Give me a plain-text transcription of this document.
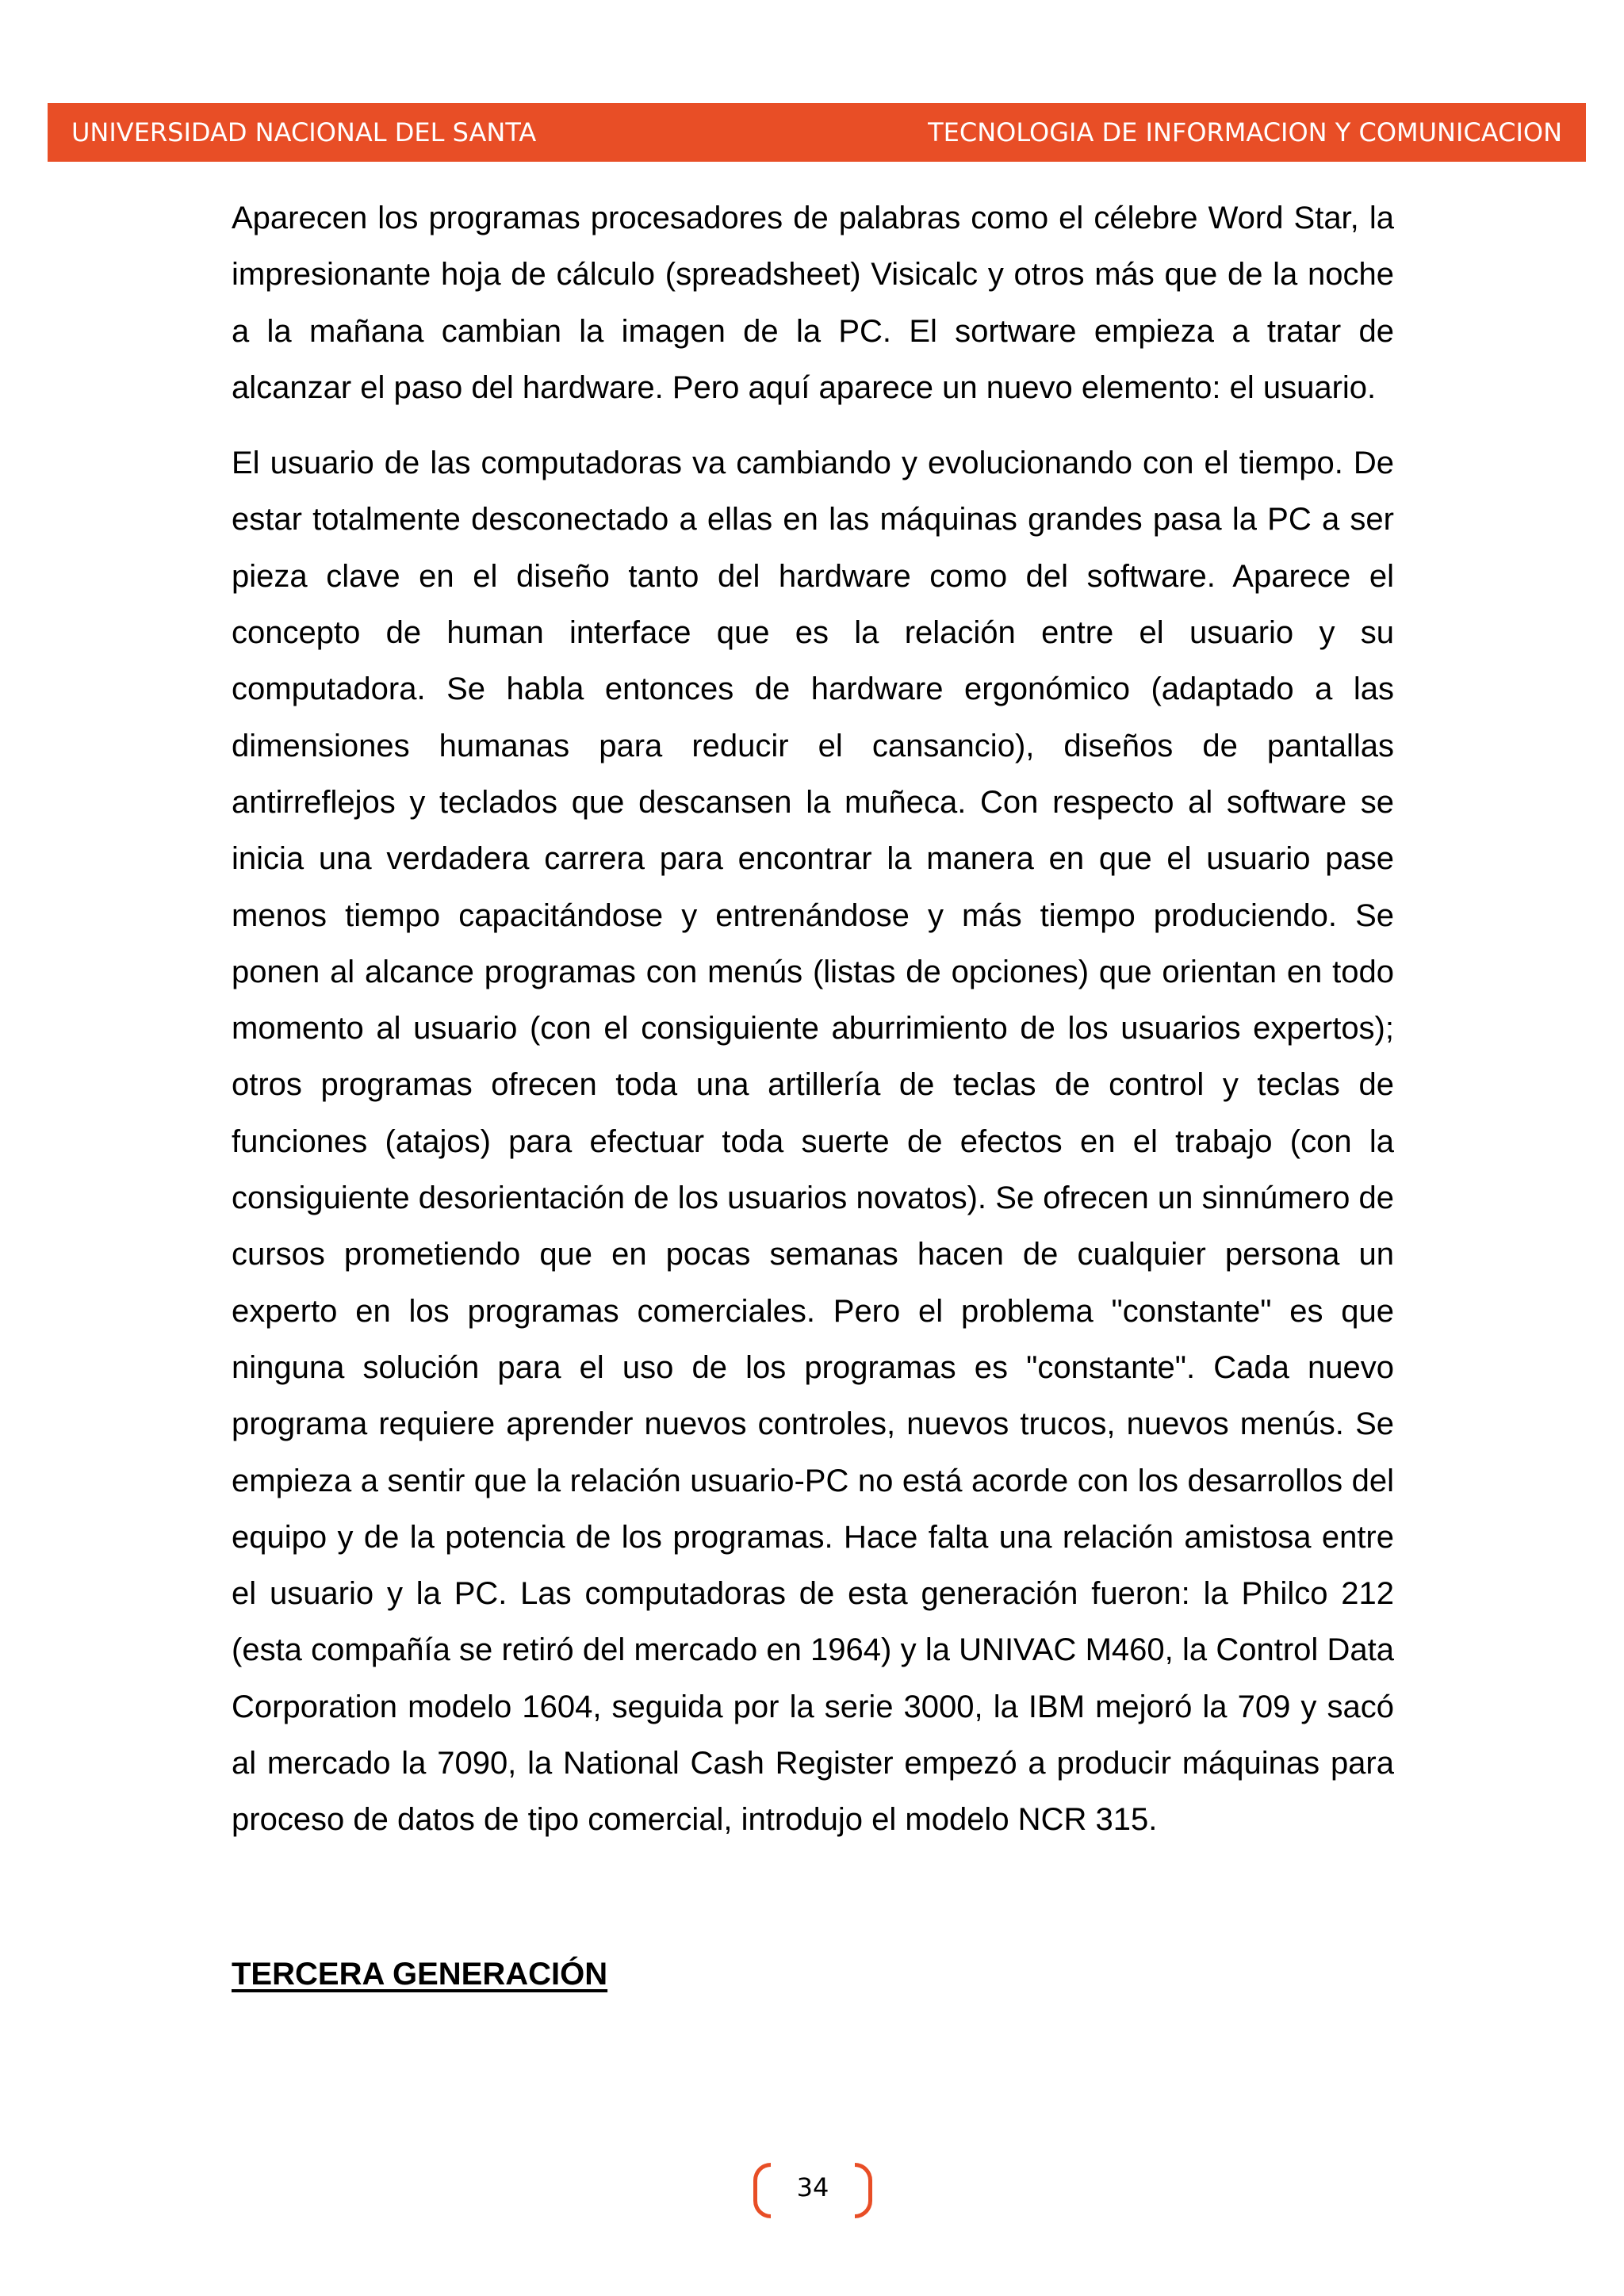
UNIVERSIDAD NACIONAL DEL SANTA	TECNOLOGIA DE INFORMACION Y COMUNICACION

Aparecen los programas procesadores de palabras como el célebre Word Star, la impresionante hoja de cálculo (spreadsheet) Visicalc y otros más que de la noche a la mañana cambian la imagen de la PC. El sortware empieza a tratar de alcanzar el paso del hardware. Pero aquí aparece un nuevo elemento: el usuario.

El usuario de las computadoras va cambiando y evolucionando con el tiempo. De estar totalmente desconectado a ellas en las máquinas grandes pasa la PC a ser pieza clave en el diseño tanto del hardware como del software. Aparece el concepto de human interface que es la relación entre el usuario y su computadora. Se habla entonces de hardware ergonómico (adaptado a las dimensiones humanas para reducir el cansancio), diseños de pantallas antirreflejos y teclados que descansen la muñeca. Con respecto al software se inicia una verdadera carrera para encontrar la manera en que el usuario pase menos tiempo capacitándose y entrenándose y más tiempo produciendo. Se ponen al alcance programas con menús (listas de opciones) que orientan en todo momento al usuario (con el consiguiente aburrimiento de los usuarios expertos); otros programas ofrecen toda una artillería de teclas de control y teclas de funciones (atajos) para efectuar toda suerte de efectos en el trabajo (con la consiguiente desorientación de los usuarios novatos). Se ofrecen un sinnúmero de cursos prometiendo que en pocas semanas hacen de cualquier persona un experto en los programas comerciales. Pero el problema "constante" es que ninguna solución para el uso de los programas es "constante". Cada nuevo programa requiere aprender nuevos controles, nuevos trucos, nuevos menús. Se empieza a sentir que la relación usuario-PC no está acorde con los desarrollos del equipo y de la potencia de los programas. Hace falta una relación amistosa entre el usuario y la PC. Las computadoras de esta generación fueron: la Philco 212 (esta compañía se retiró del mercado en 1964) y la UNIVAC M460, la Control Data Corporation modelo 1604, seguida por la serie 3000, la IBM mejoró la 709 y sacó al mercado la 7090, la National Cash Register empezó a producir máquinas para proceso de datos de tipo comercial, introdujo el modelo NCR 315.

TERCERA GENERACIÓN
34
